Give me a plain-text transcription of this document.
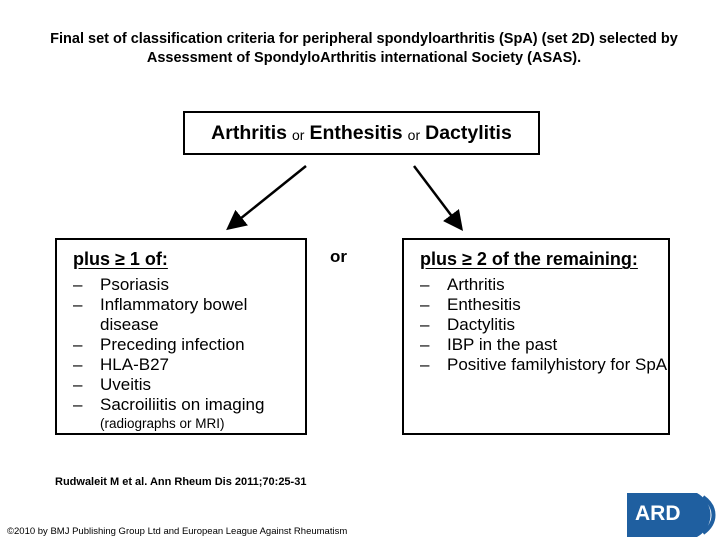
Final set of classification criteria for peripheral spondyloarthritis (SpA) (set 2D) selected by Assessment of SpondyloArthritis international Society (ASAS).
Arthritis or Enthesitis or Dactylitis
or
plus ≥ 1 of:
–	Psoriasis
–	Inflammatory bowel disease
–	Preceding infection
–	HLA-B27
–	Uveitis
–	Sacroiliitis on imaging
(radiographs or MRI)
plus ≥ 2 of the remaining:
–	Arthritis
–	Enthesitis
–	Dactylitis
–	IBP in the past
–	Positive familyhistory for SpA
Rudwaleit M et al. Ann Rheum Dis 2011;70:25-31
©2010 by BMJ Publishing Group Ltd and European League Against Rheumatism
ARD
